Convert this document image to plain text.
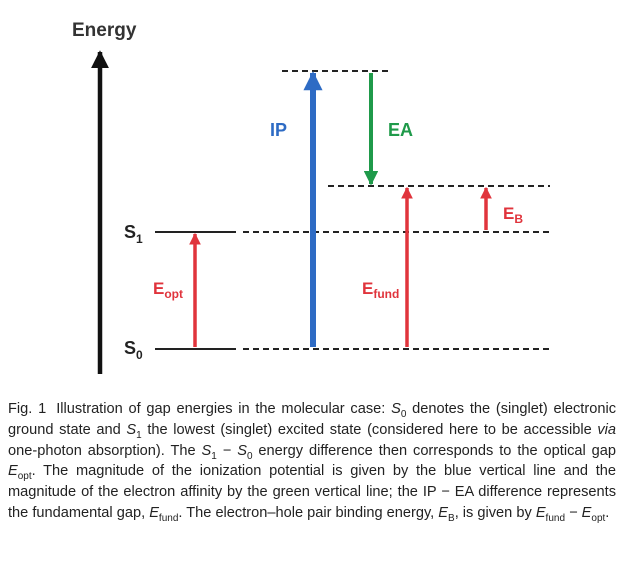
Energy
$S_1$
$S_0$
$E_{opt}$
IP	EA
$E_{fund}$
$E_B$

Fig. 1 Illustration of gap energies in the molecular case: $S_0$ denotes the (singlet) electronic ground state and $S_1$ the lowest (singlet) excited state (considered here to be accessible via one-photon absorption). The $S_1 - S_0$ energy difference then corresponds to the optical gap $E_{opt}$. The magnitude of the ionization potential is given by the blue vertical line and the magnitude of the electron affinity by the green vertical line; the IP − EA difference represents the fundamental gap, $E_{fund}$. The electron–hole pair binding energy, $E_B$, is given by $E_{fund} - E_{opt}$.
